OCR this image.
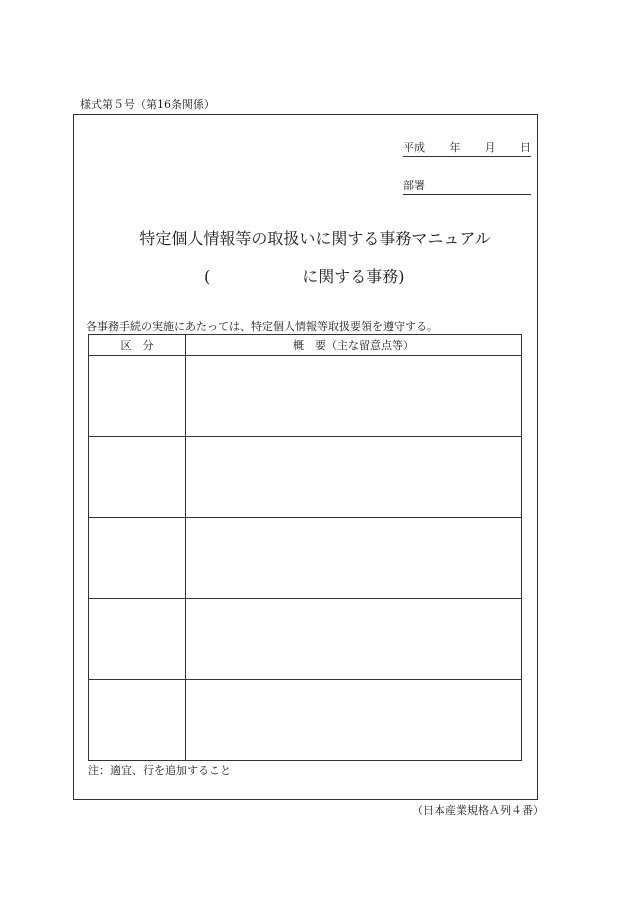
様式第５号（第16条関係）
平成 年 月 日
部署
特定個人情報等の取扱いに関する事務マニュアル
(	に関する事務)
各事務手続の実施にあたっては、特定個人情報等取扱要領を遵守する。
区　分	概　要（主な留意点等）

注：適宜、行を追加すること
（日本産業規格Ａ列４番）
